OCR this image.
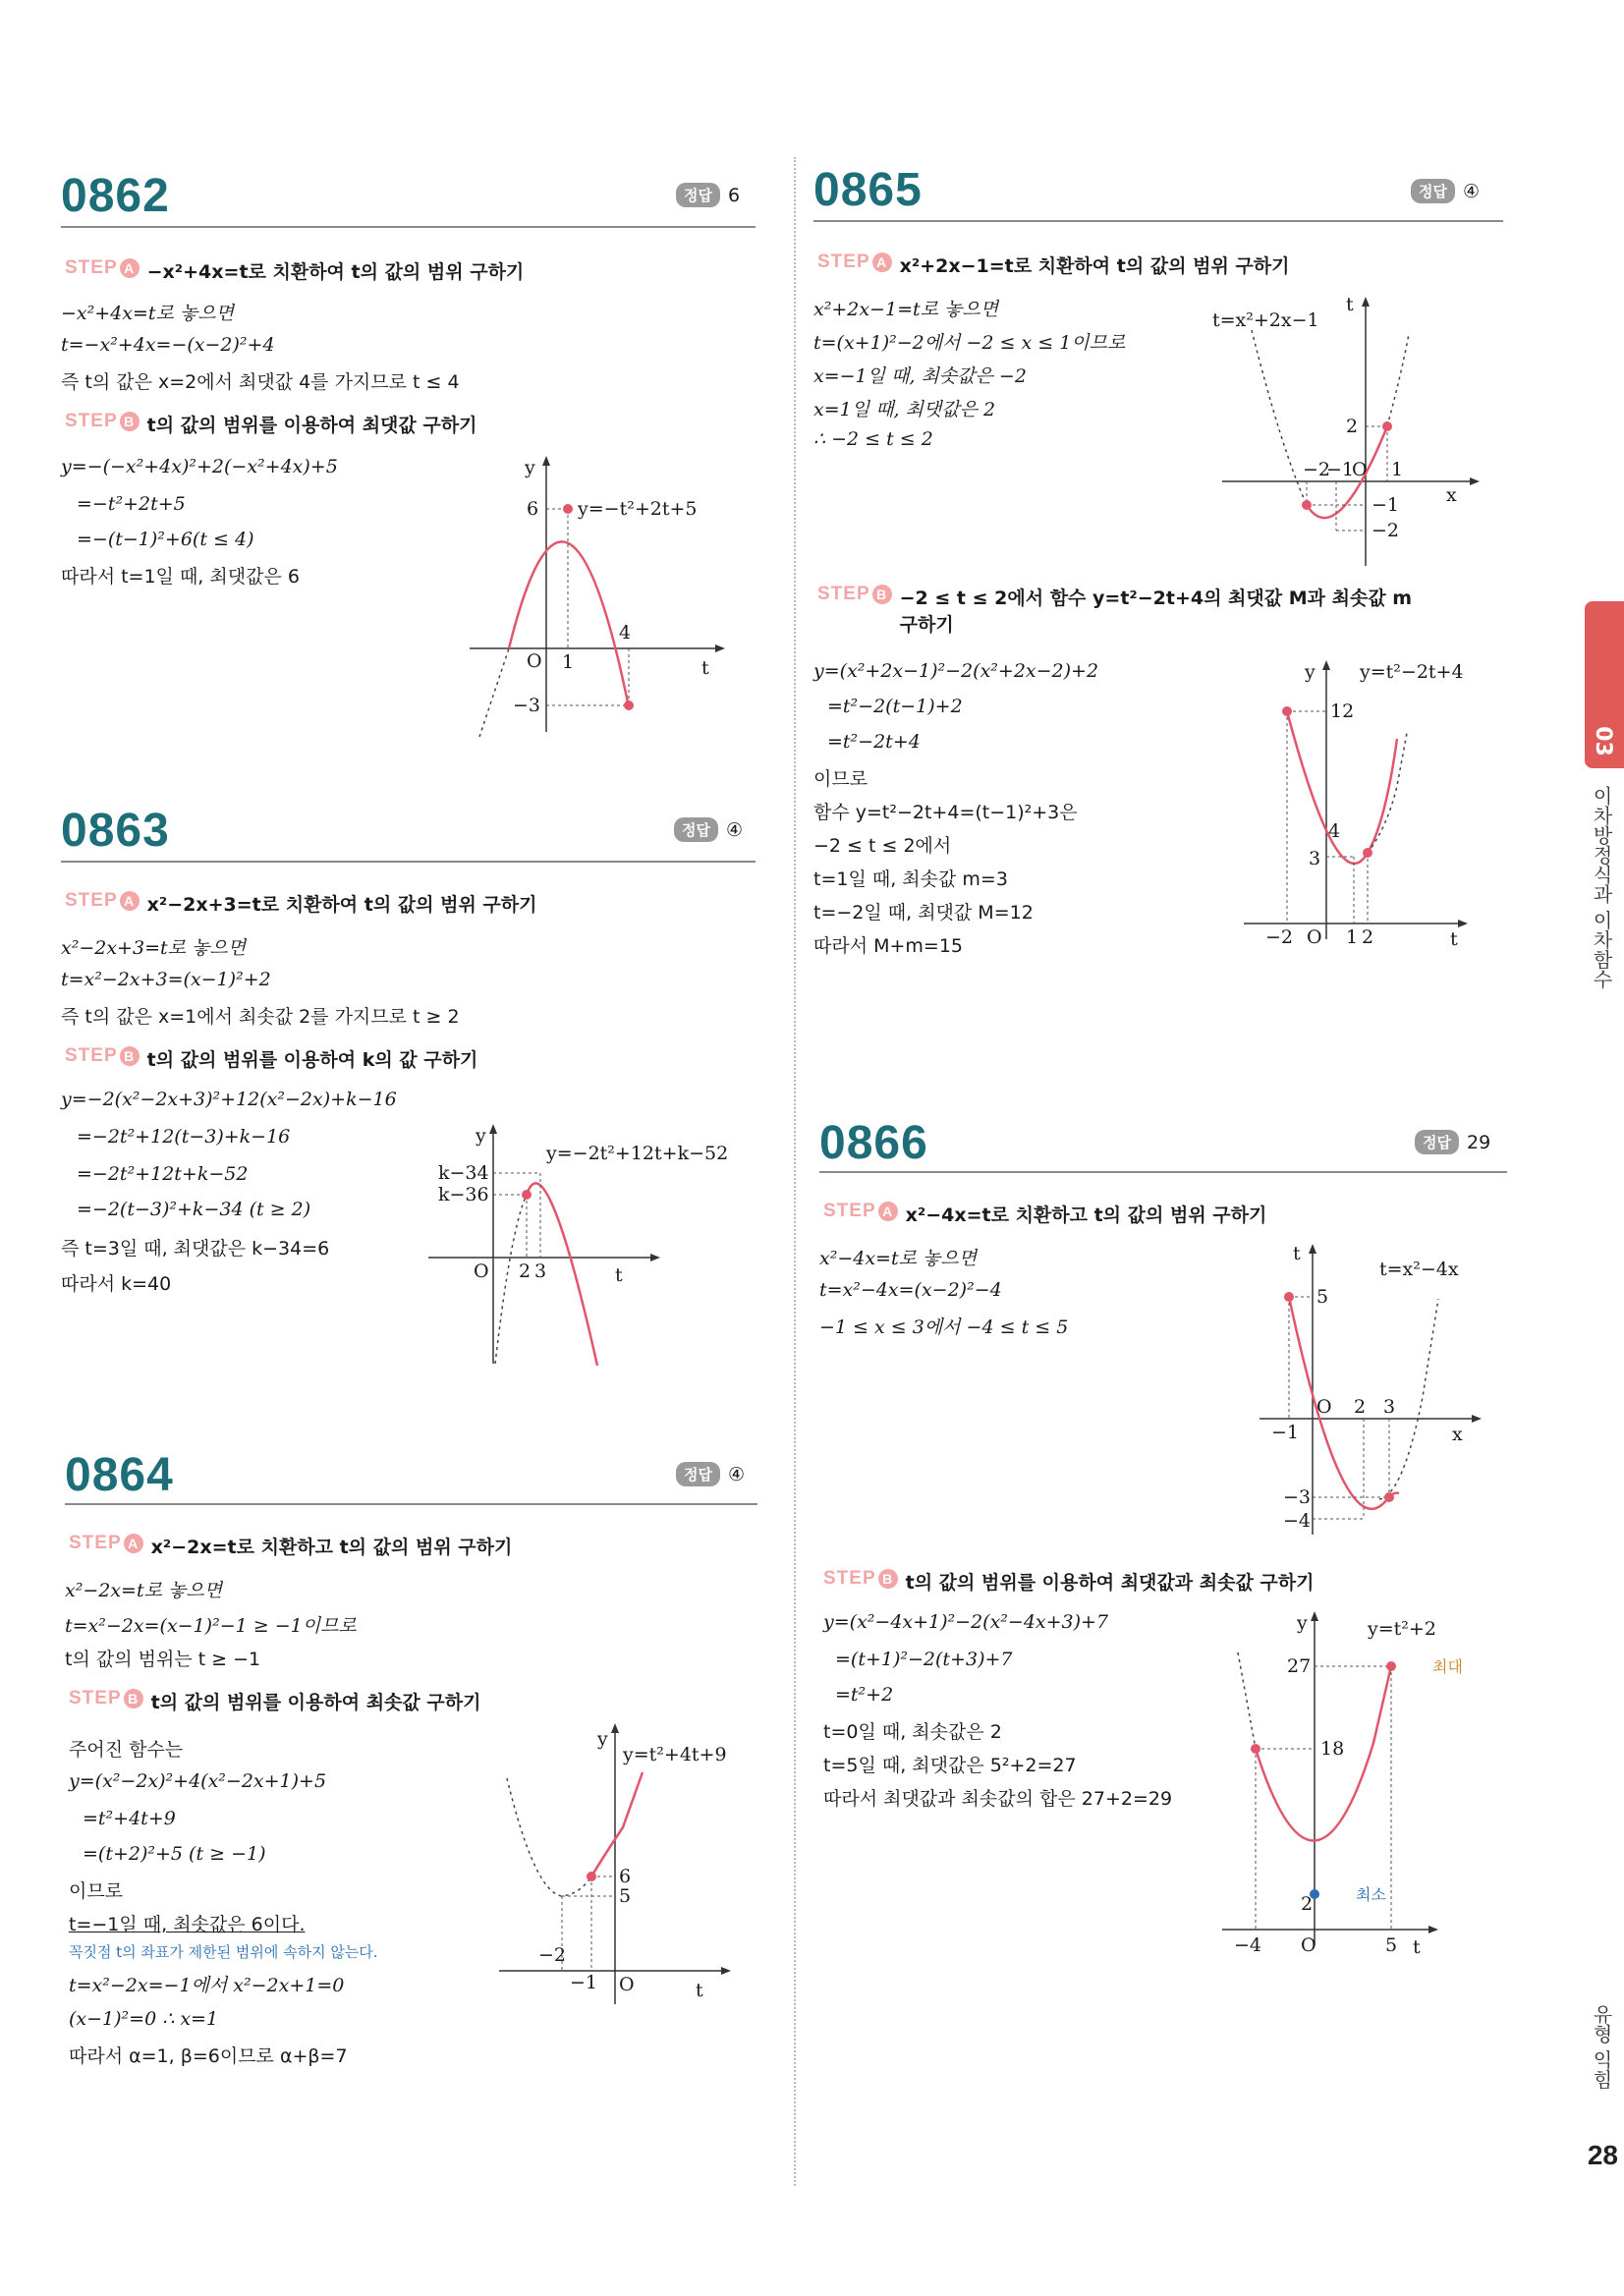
0862	정답 6
STEP A −x²+4x=t로 치환하여 t의 값의 범위 구하기
−x²+4x=t로 놓으면
t=−x²+4x=−(x−2)²+4
즉 t의 값은 x=2에서 최댓값 4를 가지므로 t ≤ 4
STEP B t의 값의 범위를 이용하여 최댓값 구하기
y=−(−x²+4x)²+2(−x²+4x)+5
=−t²+2t+5
=−(t−1)²+6(t ≤ 4)
따라서 t=1일 때, 최댓값은 6
y
t
O
y=−t²+2t+5
6
1
4
−3
0863	정답 ④
STEP A x²−2x+3=t로 치환하여 t의 값의 범위 구하기
x²−2x+3=t로 놓으면
t=x²−2x+3=(x−1)²+2
즉 t의 값은 x=1에서 최솟값 2를 가지므로 t ≥ 2
STEP B t의 값의 범위를 이용하여 k의 값 구하기
y=−2(x²−2x+3)²+12(x²−2x)+k−16
=−2t²+12(t−3)+k−16
=−2t²+12t+k−52
=−2(t−3)²+k−34 (t ≥ 2)
즉 t=3일 때, 최댓값은 k−34=6
따라서 k=40
y
t
O
y=−2t²+12t+k−52
k−34
k−36
2 3
0864	정답 ④
STEP A x²−2x=t로 치환하고 t의 값의 범위 구하기
x²−2x=t로 놓으면
t=x²−2x=(x−1)²−1 ≥ −1이므로
t의 값의 범위는 t ≥ −1
STEP B t의 값의 범위를 이용하여 최솟값 구하기
주어진 함수는
y=(x²−2x)²+4(x²−2x+1)+5
=t²+4t+9
=(t+2)²+5 (t ≥ −1)
이므로
t=−1일 때, 최솟값은 6이다.
꼭짓점 t의 좌표가 제한된 범위에 속하지 않는다.
t=x²−2x=−1에서 x²−2x+1=0
(x−1)²=0 ∴ x=1
따라서 α=1, β=6이므로 α+β=7
y
t
O
y=t²+4t+9
6
5
−2
−1
0865	정답 ④
STEP A x²+2x−1=t로 치환하여 t의 값의 범위 구하기
x²+2x−1=t로 놓으면
t=(x+1)²−2에서 −2 ≤ x ≤ 1이므로
x=−1일 때, 최솟값은 −2
x=1일 때, 최댓값은 2
∴ −2 ≤ t ≤ 2
t
x
O
t=x²+2x−1
2
−2
−1 1
−1
−2
STEP B −2 ≤ t ≤ 2에서 함수 y=t²−2t+4의 최댓값 M과 최솟값 m
구하기
y=(x²+2x−1)²−2(x²+2x−2)+2
=t²−2(t−1)+2
=t²−2t+4
이므로
함수 y=t²−2t+4=(t−1)²+3은
−2 ≤ t ≤ 2에서
t=1일 때, 최솟값 m=3
t=−2일 때, 최댓값 M=12
따라서 M+m=15
y
t
O
y=t²−2t+4
12
4
3
−2	1 2
0866	정답 29
STEP A x²−4x=t로 치환하고 t의 값의 범위 구하기
x²−4x=t로 놓으면
t=x²−4x=(x−2)²−4
−1 ≤ x ≤ 3에서 −4 ≤ t ≤ 5
t
x
O
t=x²−4x
5
−1
2 3
−3
−4
STEP B t의 값의 범위를 이용하여 최댓값과 최솟값 구하기
y=(x²−4x+1)²−2(x²−4x+3)+7
=(t+1)²−2(t+3)+7
=t²+2
t=0일 때, 최솟값은 2
t=5일 때, 최댓값은 5²+2=27
따라서 최댓값과 최솟값의 합은 27+2=29
y
t
O
y=t²+2
27
18
2
−4	5
최대
최소
03
이차방정식과 이차함수
유형 익힘
28
